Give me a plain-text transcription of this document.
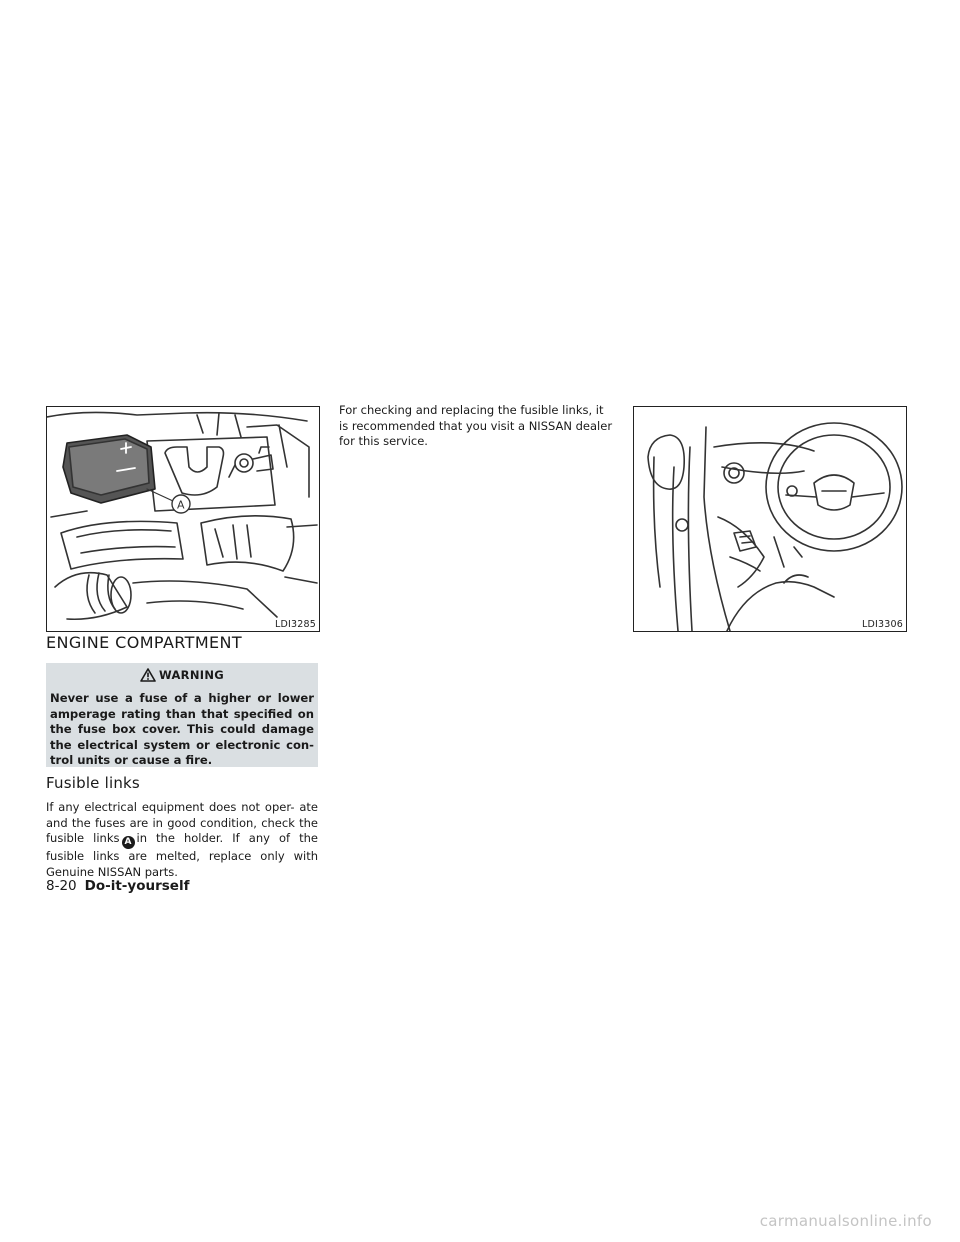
A
LDI3285	LDI3306
ENGINE COMPARTMENT
WARNING

Never use a fuse of a higher or lower amperage rating than that specified on the fuse box cover. This could damage the electrical system or electronic con- trol units or cause a fire.

Fusible links

If any electrical equipment does not oper- ate and the fuses are in good condition, check the fusible links A in the holder. If any of the fusible links are melted, replace only with Genuine NISSAN parts.

For checking and replacing the fusible links, it is recommended that you visit a NISSAN dealer for this service.

8-20 Do-it-yourself
carmanualsonline.info
